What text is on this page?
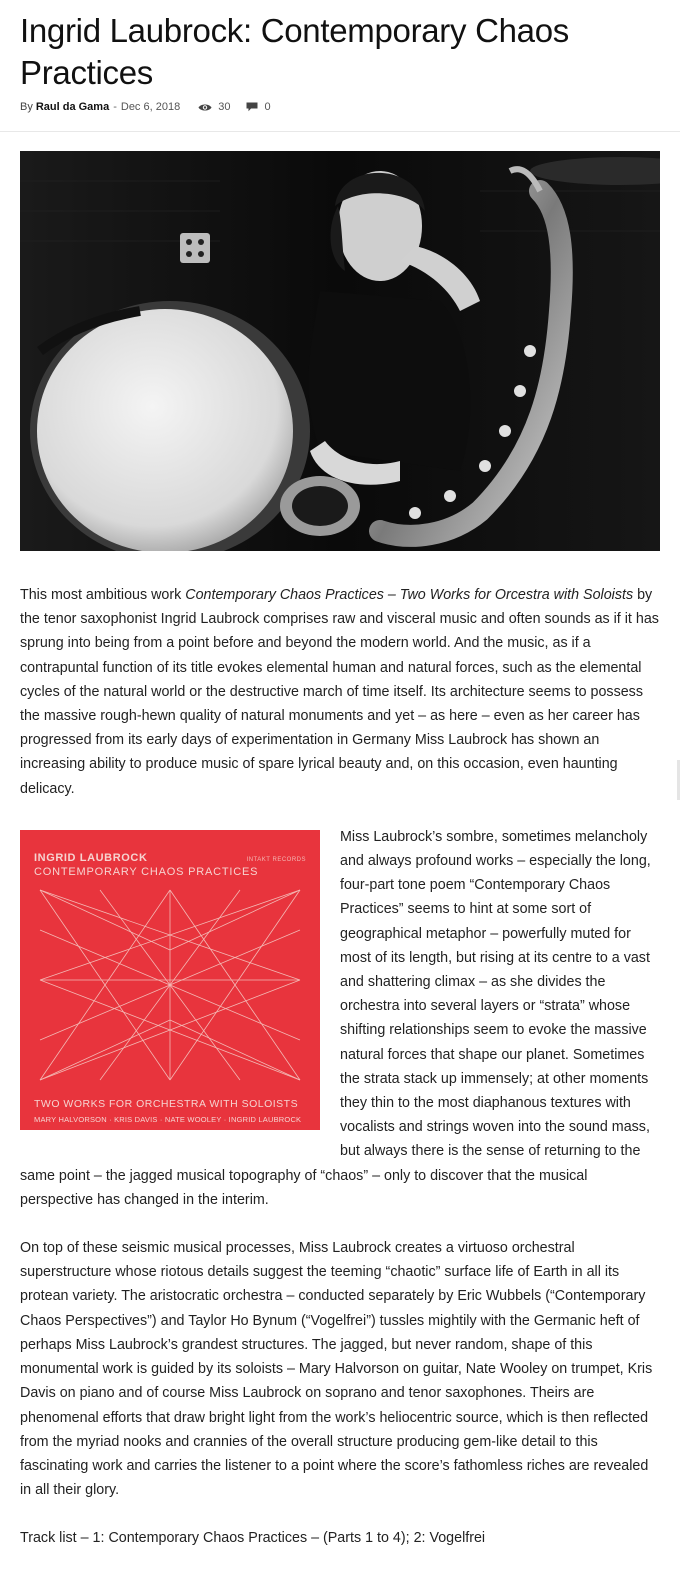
Ingrid Laubrock: Contemporary Chaos Practices
By Raul da Gama - Dec 6, 2018	30	0

This most ambitious work Contemporary Chaos Practices – Two Works for Orcestra with Soloists by the tenor saxophonist Ingrid Laubrock comprises raw and visceral music and often sounds as if it has sprung into being from a point before and beyond the modern world. And the music, as if a contrapuntal function of its title evokes elemental human and natural forces, such as the elemental cycles of the natural world or the destructive march of time itself. Its architecture seems to possess the massive rough-hewn quality of natural monuments and yet – as here – even as her career has progressed from its early days of experimentation in Germany Miss Laubrock has shown an increasing ability to produce music of spare lyrical beauty and, on this occasion, even haunting delicacy.

INGRID LAUBROCK
CONTEMPORARY CHAOS PRACTICES
INTAKT RECORDS
TWO WORKS FOR ORCHESTRA WITH SOLOISTS
MARY HALVORSON · KRIS DAVIS · NATE WOOLEY · INGRID LAUBROCK

Miss Laubrock’s sombre, sometimes melancholy and always profound works – especially the long, four-part tone poem “Contemporary Chaos Practices” seems to hint at some sort of geographical metaphor – powerfully muted for most of its length, but rising at its centre to a vast and shattering climax – as she divides the orchestra into several layers or “strata” whose shifting relationships seem to evoke the massive natural forces that shape our planet. Sometimes the strata stack up immensely; at other moments they thin to the most diaphanous textures with vocalists and strings woven into the sound mass, but always there is the sense of returning to the same point – the jagged musical topography of “chaos” – only to discover that the musical perspective has changed in the interim.

On top of these seismic musical processes, Miss Laubrock creates a virtuoso orchestral superstructure whose riotous details suggest the teeming “chaotic” surface life of Earth in all its protean variety. The aristocratic orchestra – conducted separately by Eric Wubbels (“Contemporary Chaos Perspectives”) and Taylor Ho Bynum (“Vogelfrei”) tussles mightily with the Germanic heft of perhaps Miss Laubrock’s grandest structures. The jagged, but never random, shape of this monumental work is guided by its soloists – Mary Halvorson on guitar, Nate Wooley on trumpet, Kris Davis on piano and of course Miss Laubrock on soprano and tenor saxophones. Theirs are phenomenal efforts that draw bright light from the work’s heliocentric source, which is then reflected from the myriad nooks and crannies of the overall structure producing gem-like detail to this fascinating work and carries the listener to a point where the score’s fathomless riches are revealed in all their glory.

Track list – 1: Contemporary Chaos Practices – (Parts 1 to 4); 2: Vogelfrei
